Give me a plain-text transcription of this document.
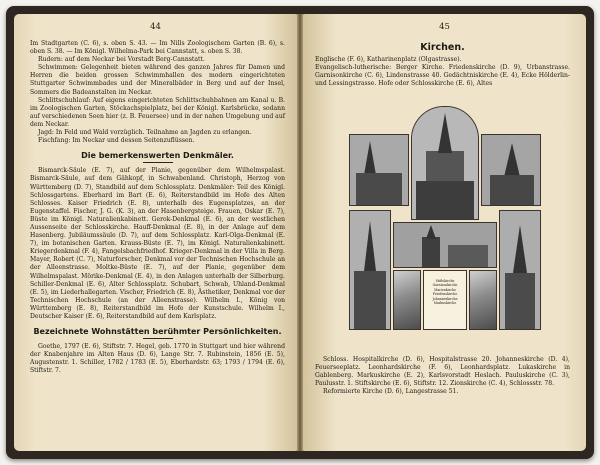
44

Im Stadtgarten (C. 6), s. oben S. 43. — Im Nills Zoologischem Garten (B. 6), s. oben S. 38. — Im Königl. Wilhelma-Park bei Cannstatt, s. oben S. 38.

Rudern: auf dem Neckar bei Vorstadt Berg-Cannstatt.

Schwimmen: Gelegenheit bieten während des ganzen Jahres für Damen und Herren die beiden grossen Schwimmhallen des modern eingerichteten Stuttgarter Schwimmbades und der Mineralbäder in Berg und auf der Insel, Sommers die Badeanstalten im Neckar.

Schlittschuhlauf: Auf eigens eingerichteten Schlittschuhbahnen am Kanal u. B. im Zoologischen Garten, Stöckachspielplatz, bei der Königl. Karlsbrücke, sodann auf verschiedenen Seen hier (z. B. Feuersee) und in der nahen Umgebung und auf dem Neckar.

Jagd: In Feld und Wald vorzüglich. Teilnahme an Jagden zu erlangen.

Fischfang: Im Neckar und dessen Seitenzuflüssen.

Die bemerkenswerten Denkmäler.

Bismarck-Säule (E. 7), auf der Planie, gegenüber dem Wilhelmspalast. Bismarck-Säule, auf dem Gähkopf, in Schwabenland. Christoph, Herzog von Württemberg (D. 7), Standbild auf dem Schlossplatz. Denkmäler: Teil des Königl. Schlossgartens. Eberhard im Bart (E. 6), Reiterstandbild im Hofe des Alten Schlosses. Kaiser Friedrich (E. 8), unterhalb des Eugensplatzes, an der Eugenstaffel. Fischer, J. G. (K. 3), an der Hasenbergsteige. Frauen, Oskar (E. 7), Büste im Königl. Naturalienkabinett. Gerok-Denkmal (E. 6), an der westlichen Aussenseite der Schlosskirche. Hauff-Denkmal (E. 8), in der Anlage auf dem Hasenberg. Jubiläumssäule (D. 7), auf dem Schlossplatz. Karl-Olga-Denkmal (E. 7), im botanischen Garten. Krauss-Büste (E. 7), im Königl. Naturalienkabinett. Kriegerdenkmal (F. 4), Fangelsbachfriedhof. Krieger-Denkmal in der Villa in Berg. Mayer, Robert (C. 7), Naturforscher, Denkmal vor der Technischen Hochschule an der Alleenstrasse. Moltke-Büste (E. 7), auf der Planie, gegenüber dem Wilhelmspalast. Mörike-Denkmal (E. 4), in den Anlagen unterhalb der Silberburg. Schiller-Denkmal (E. 6), Alter Schlossplatz. Schubart, Schwab, Uhland-Denkmal (E. 5), im Liederhallegarten. Vischer, Friedrich (E. 8), Ästhetiker, Denkmal vor der Technischen Hochschule (an der Alleenstrasse). Wilhelm I., König von Württemberg (E. 8), Reiterstandbild im Hofe der Kunstschule. Wilhelm I., Deutscher Kaiser (E. 6), Reiterstandbild auf dem Karlsplatz.

Bezeichnete Wohnstätten berühmter Persönlichkeiten.

Goethe, 1797 (E. 6), Stiftstr. 7. Hegel, geb. 1770 in Stuttgart und hier während der Knabenjahre im Alten Haus (D. 6), Lange Str. 7. Rubinstein, 1856 (E. 5), Augustenstr. 1. Schiller, 1782 / 1783 (E. 5), Eberhardstr. 63; 1793 / 1794 (E. 6), Stiftstr. 7.

45
Kirchen.

Englische (F. 6), Katharinenplatz (Olgastrasse).

Evangelisch-lutherische: Berger Kirche. Friedenskirche (D. 9), Urbanstrasse. Garnisonkirche (C. 6), Lindenstrasse 40. Gedächtniskirche (E. 4), Ecke Hölderlin- und Lessingstrasse. Hofe oder Schlosskirche (E. 6), Altes

Stiftskirche
Garnisonkirche
Marienkirche
Friedenskirche
Johanneskirche
Markuskirche

Schloss. Hospitalkirche (D. 6), Hospitalstrasse 20. Johanneskirche (D. 4), Feuerseeplatz. Leonhardskirche (F. 6), Leonhardsplatz. Lukaskirche in Gablenberg. Markuskirche (E. 2), Karlsvorstadt Heslach. Pauluskirche (C. 3), Paulusstr. 1. Stiftskirche (E. 6), Stiftstr. 12. Zionskirche (C. 4), Schlossstr. 78.

Reformierte Kirche (D. 6), Langestrasse 51.
